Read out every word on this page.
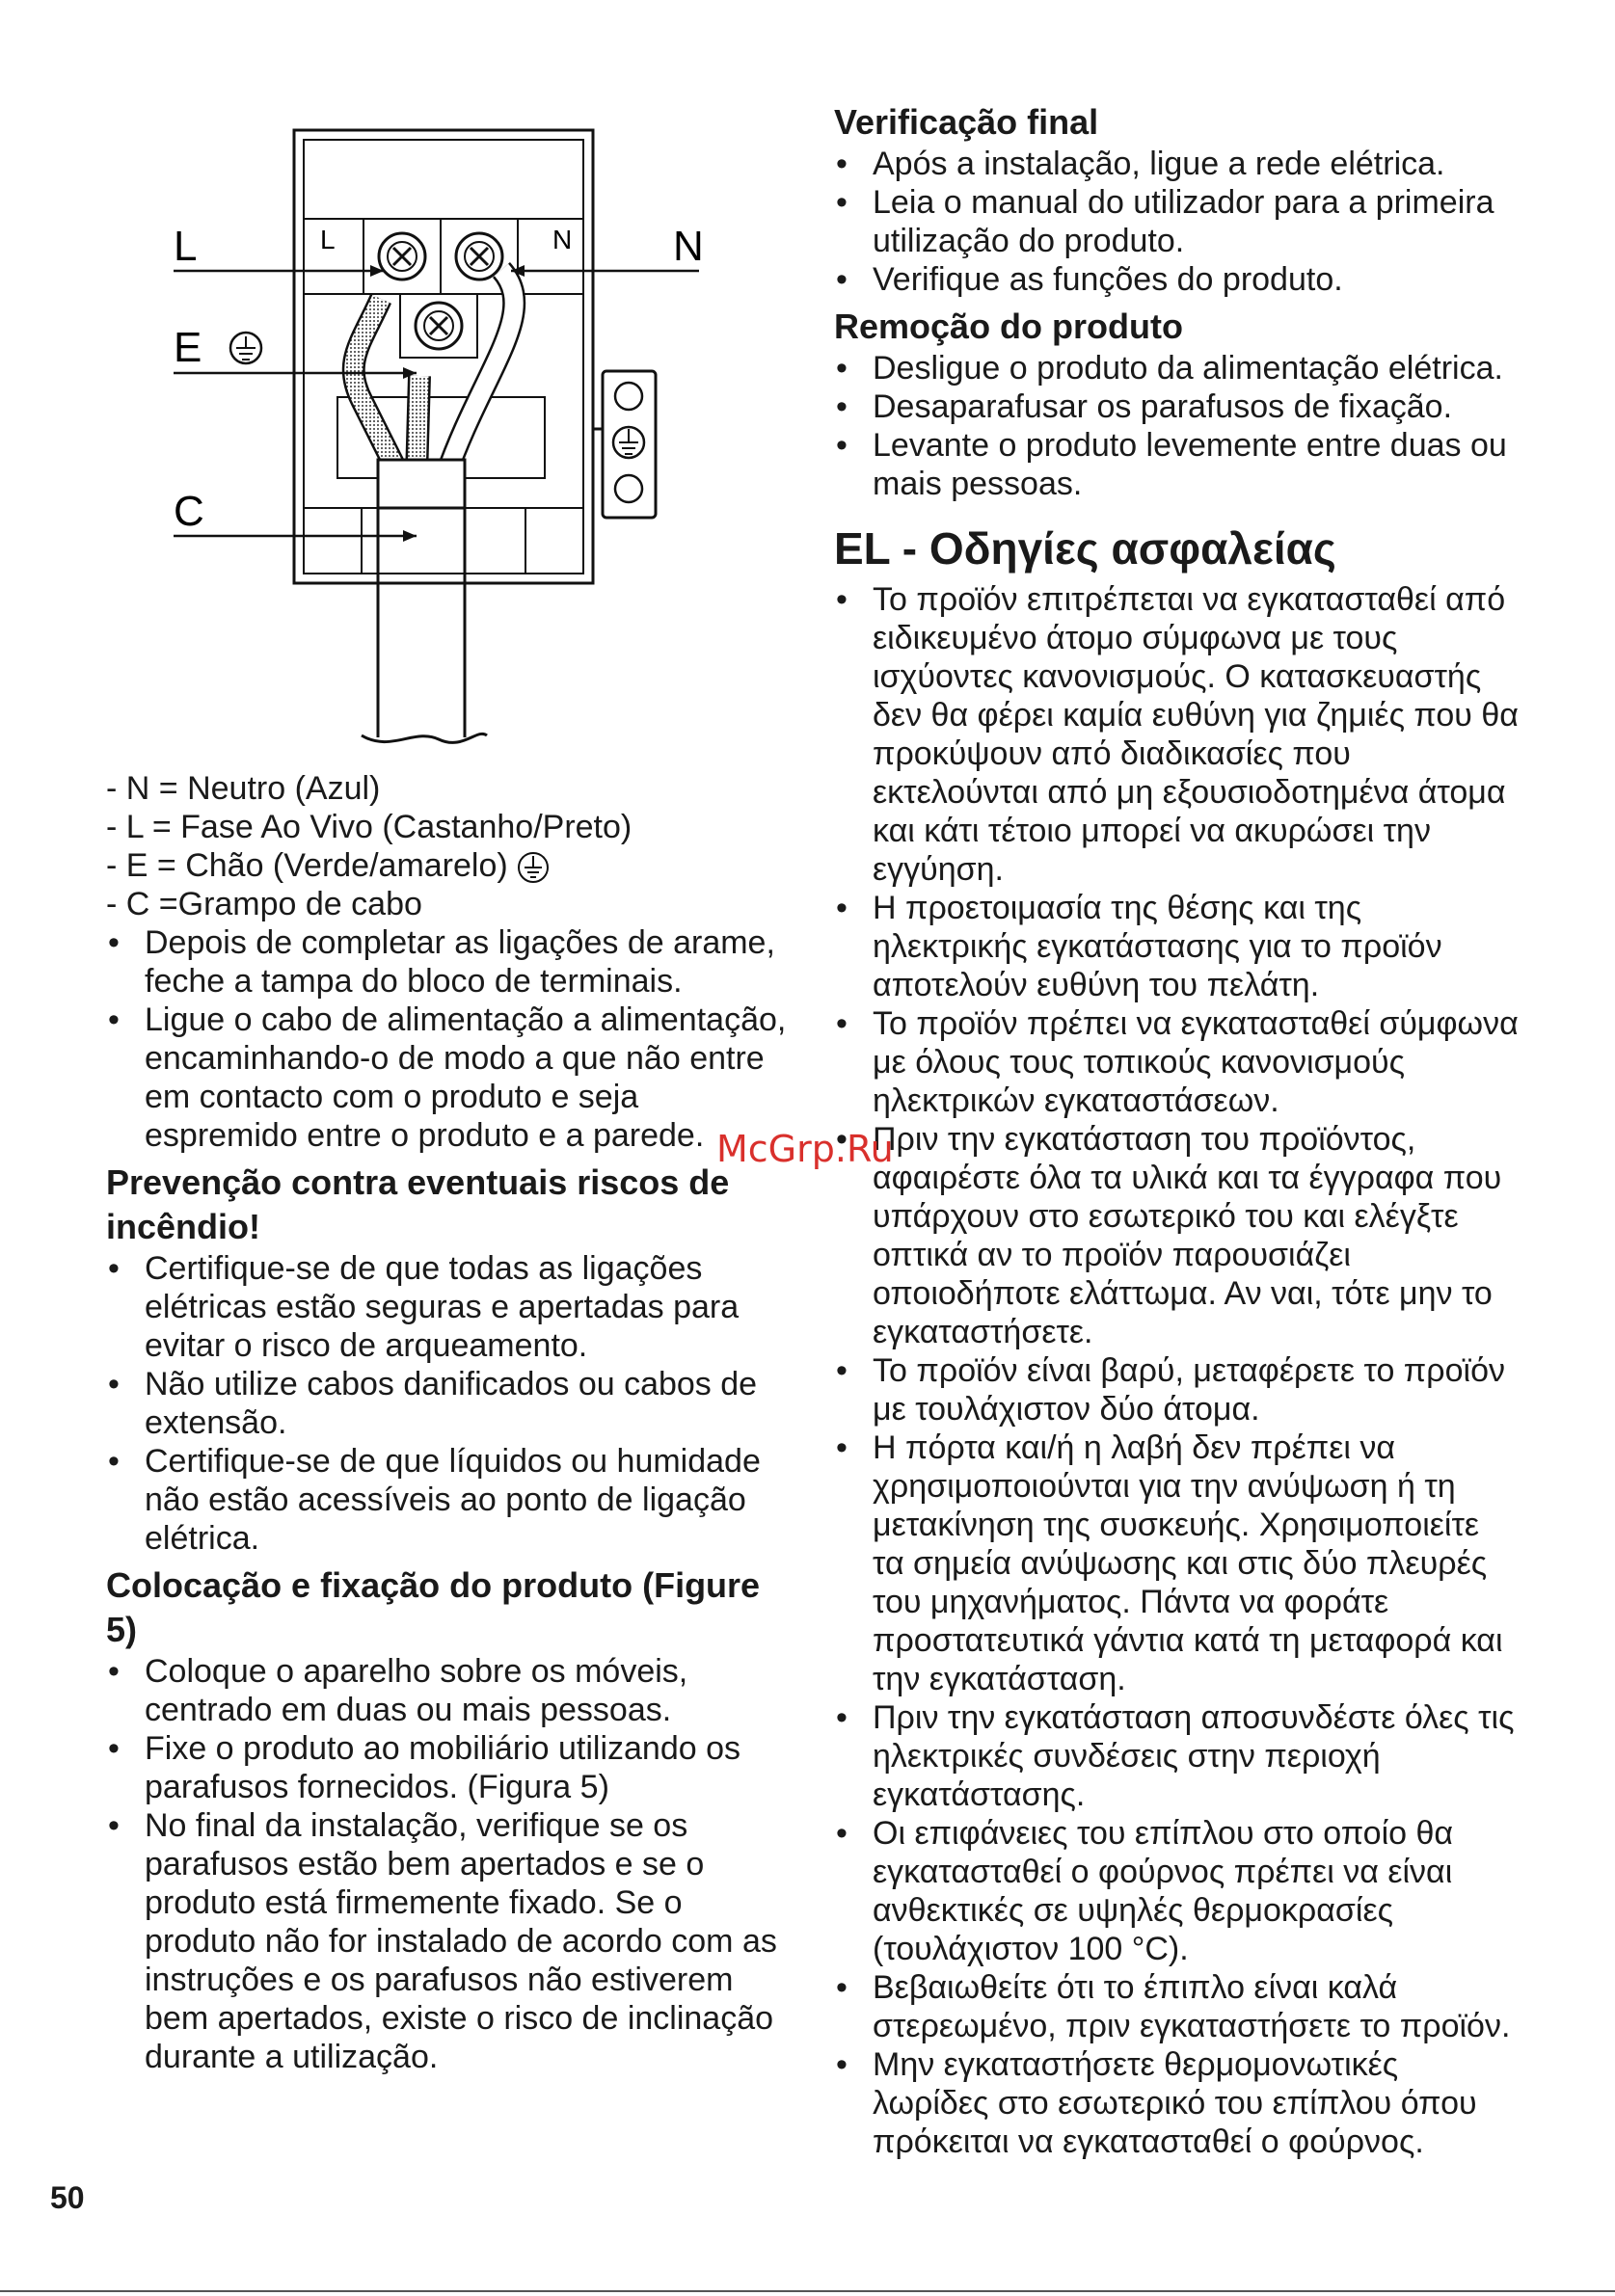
L	N
L	N
E
C
- N = Neutro (Azul)
- L = Fase Ao Vivo (Castanho/Preto)
- E = Chão (Verde/amarelo)
- C =Grampo de cabo
• Depois de completar as ligações de arame, feche a tampa do bloco de terminais.
• Ligue o cabo de alimentação a alimentação, encaminhando-o de modo a que não entre em contacto com o produto e seja espremido entre o produto e a parede.
Prevenção contra eventuais riscos de incêndio!
• Certifique-se de que todas as ligações elétricas estão seguras e apertadas para evitar o risco de arqueamento.
• Não utilize cabos danificados ou cabos de extensão.
• Certifique-se de que líquidos ou humidade não estão acessíveis ao ponto de ligação elétrica.
Colocação e fixação do produto (Figure 5)
• Coloque o aparelho sobre os móveis, centrado em duas ou mais pessoas.
• Fixe o produto ao mobiliário utilizando os parafusos fornecidos. (Figura 5)
• No final da instalação, verifique se os parafusos estão bem apertados e se o produto está firmemente fixado. Se o produto não for instalado de acordo com as instruções e os parafusos não estiverem bem apertados, existe o risco de inclinação durante a utilização.
Verificação final
• Após a instalação, ligue a rede elétrica.
• Leia o manual do utilizador para a primeira utilização do produto.
• Verifique as funções do produto.
Remoção do produto
• Desligue o produto da alimentação elétrica.
• Desaparafusar os parafusos de fixação.
• Levante o produto levemente entre duas ou mais pessoas.
EL - Οδηγίες ασφαλείας
• Το προϊόν επιτρέπεται να εγκατασταθεί από ειδικευμένο άτομο σύμφωνα με τους ισχύοντες κανονισμούς. Ο κατασκευαστής δεν θα φέρει καμία ευθύνη για ζημιές που θα προκύψουν από διαδικασίες που εκτελούνται από μη εξουσιοδοτημένα άτομα και κάτι τέτοιο μπορεί να ακυρώσει την εγγύηση.
• Η προετοιμασία της θέσης και της ηλεκτρικής εγκατάστασης για το προϊόν αποτελούν ευθύνη του πελάτη.
• Το προϊόν πρέπει να εγκατασταθεί σύμφωνα με όλους τους τοπικούς κανονισμούς ηλεκτρικών εγκαταστάσεων.
• Πριν την εγκατάσταση του προϊόντος, αφαιρέστε όλα τα υλικά και τα έγγραφα που υπάρχουν στο εσωτερικό του και ελέγξτε οπτικά αν το προϊόν παρουσιάζει οποιοδήποτε ελάττωμα. Αν ναι, τότε μην το εγκαταστήσετε.
• Το προϊόν είναι βαρύ, μεταφέρετε το προϊόν με τουλάχιστον δύο άτομα.
• Η πόρτα και/ή η λαβή δεν πρέπει να χρησιμοποιούνται για την ανύψωση ή τη μετακίνηση της συσκευής. Χρησιμοποιείτε τα σημεία ανύψωσης και στις δύο πλευρές του μηχανήματος. Πάντα να φοράτε προστατευτικά γάντια κατά τη μεταφορά και την εγκατάσταση.
• Πριν την εγκατάσταση αποσυνδέστε όλες τις ηλεκτρικές συνδέσεις στην περιοχή εγκατάστασης.
• Οι επιφάνειες του επίπλου στο οποίο θα εγκατασταθεί ο φούρνος πρέπει να είναι ανθεκτικές σε υψηλές θερμοκρασίες (τουλάχιστον 100 °C).
• Βεβαιωθείτε ότι το έπιπλο είναι καλά στερεωμένο, πριν εγκαταστήσετε το προϊόν.
• Μην εγκαταστήσετε θερμομονωτικές λωρίδες στο εσωτερικό του επίπλου όπου πρόκειται να εγκατασταθεί ο φούρνος.
McGrp.Ru
50
